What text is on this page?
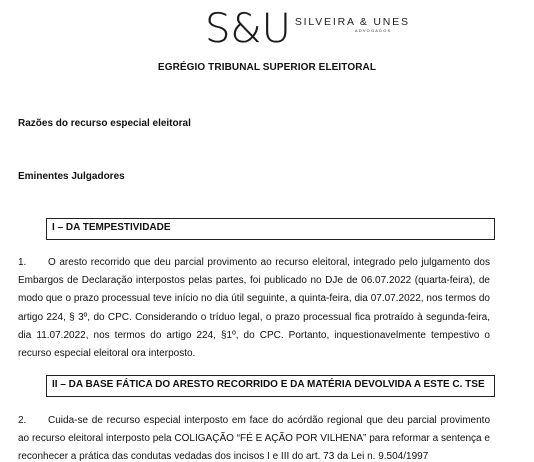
S&U SILVEIRA & UNES
ADVOGADOS
EGRÉGIO TRIBUNAL SUPERIOR ELEITORAL
Razões do recurso especial eleitoral
Eminentes Julgadores
I – DA TEMPESTIVIDADE
1. O aresto recorrido que deu parcial provimento ao recurso eleitoral, integrado pelo julgamento dos Embargos de Declaração interpostos pelas partes, foi publicado no DJe de 06.07.2022 (quarta-feira), de modo que o prazo processual teve início no dia útil seguinte, a quinta-feira, dia 07.07.2022, nos termos do artigo 224, § 3º, do CPC. Considerando o tríduo legal, o prazo processual fica protraído à segunda-feira, dia 11.07.2022, nos termos do artigo 224, §1º, do CPC. Portanto, inquestionavelmente tempestivo o recurso especial eleitoral ora interposto.
II – DA BASE FÁTICA DO ARESTO RECORRIDO E DA MATÉRIA DEVOLVIDA A ESTE C. TSE
2. Cuida-se de recurso especial interposto em face do acórdão regional que deu parcial provimento ao recurso eleitoral interposto pela COLIGAÇÃO “FÉ E AÇÃO POR VILHENA” para reformar a sentença e reconhecer a prática das condutas vedadas dos incisos I e III do art. 73 da Lei n. 9.504/1997
